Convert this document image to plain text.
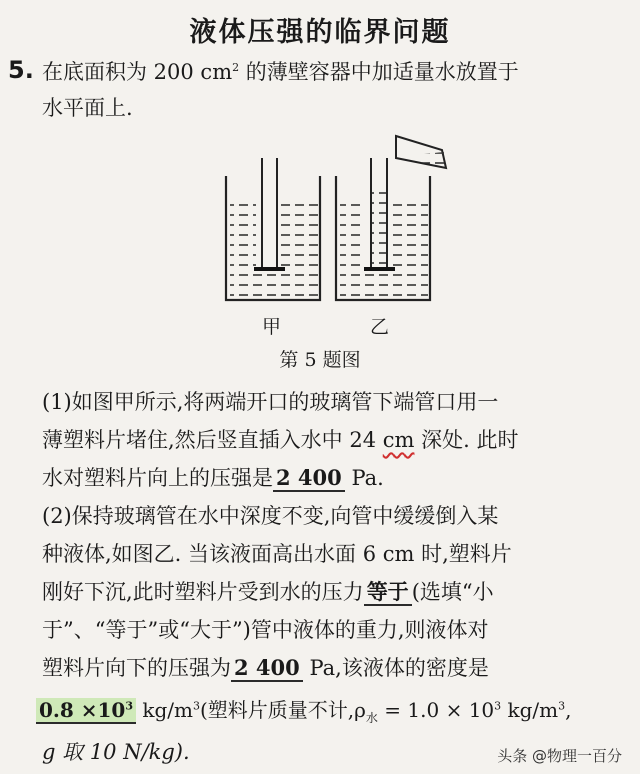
液体压强的临界问题
5. 在底面积为 200 $cm^2$ 的薄壁容器中加适量水放置于
水平面上.
甲	乙
第 5 题图
(1)如图甲所示,将两端开口的玻璃管下端管口用一
薄塑料片堵住,然后竖直插入水中 24 cm 深处. 此时
水对塑料片向上的压强是 2 400 Pa.
(2)保持玻璃管在水中深度不变,向管中缓缓倒入某
种液体,如图乙. 当该液面高出水面 6 cm 时,塑料片
刚好下沉,此时塑料片受到水的压力 等于 (选填“小
于”、“等于”或“大于”)管中液体的重力,则液体对
塑料片向下的压强为 2 400 Pa,该液体的密度是
$0.8 \times 10^3$ $kg/m^3$(塑料片质量不计$,\rho_水 = 1.0 \times 10^3$ $kg/m^3$,
g 取 10 N/kg).	头条 @物理一百分
